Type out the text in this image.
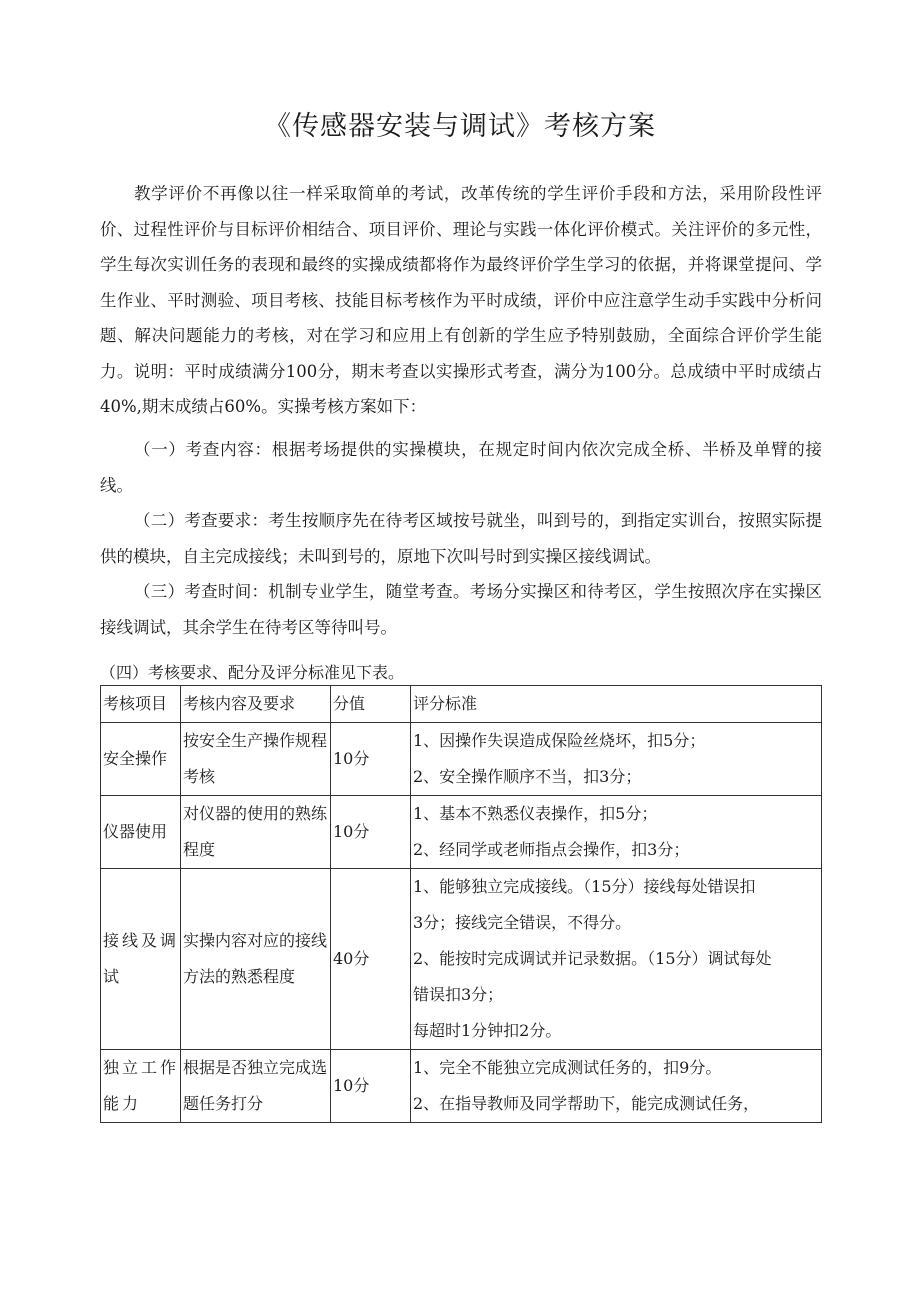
《传感器安装与调试》考核方案

教学评价不再像以往一样采取简单的考试，改革传统的学生评价手段和方法，采用阶段性评价、过程性评价与目标评价相结合、项目评价、理论与实践一体化评价模式。关注评价的多元性，学生每次实训任务的表现和最终的实操成绩都将作为最终评价学生学习的依据，并将课堂提问、学生作业、平时测验、项目考核、技能目标考核作为平时成绩，评价中应注意学生动手实践中分析问题、解决问题能力的考核，对在学习和应用上有创新的学生应予特别鼓励，全面综合评价学生能力。说明：平时成绩满分100分，期末考查以实操形式考查，满分为100分。总成绩中平时成绩占40%,期末成绩占60%。实操考核方案如下：

（一）考查内容：根据考场提供的实操模块，在规定时间内依次完成全桥、半桥及单臂的接线。

（二）考查要求：考生按顺序先在待考区域按号就坐，叫到号的，到指定实训台，按照实际提供的模块，自主完成接线；未叫到号的，原地下次叫号时到实操区接线调试。

（三）考查时间：机制专业学生，随堂考查。考场分实操区和待考区，学生按照次序在实操区接线调试，其余学生在待考区等待叫号。

（四）考核要求、配分及评分标准见下表。
考核项目	考核内容及要求	分值	评分标准
安全操作	按安全生产操作规程考核	10分	1、因操作失误造成保险丝烧坏，扣5分；
2、安全操作顺序不当，扣3分；

仪器使用	对仪器的使用的熟练程度	10分	1、基本不熟悉仪表操作，扣5分；
2、经同学或老师指点会操作，扣3分；

接线及调试	实操内容对应的接线方法的熟悉程度	40分	1、能够独立完成接线。（15分）接线每处错误扣
3分；接线完全错误，不得分。
2、能按时完成调试并记录数据。（15分）调试每处
错误扣3分；
每超时1分钟扣2分。

独立工作能力	根据是否独立完成选题任务打分	10分	1、完全不能独立完成测试任务的，扣9分。
2、在指导教师及同学帮助下，能完成测试任务，
